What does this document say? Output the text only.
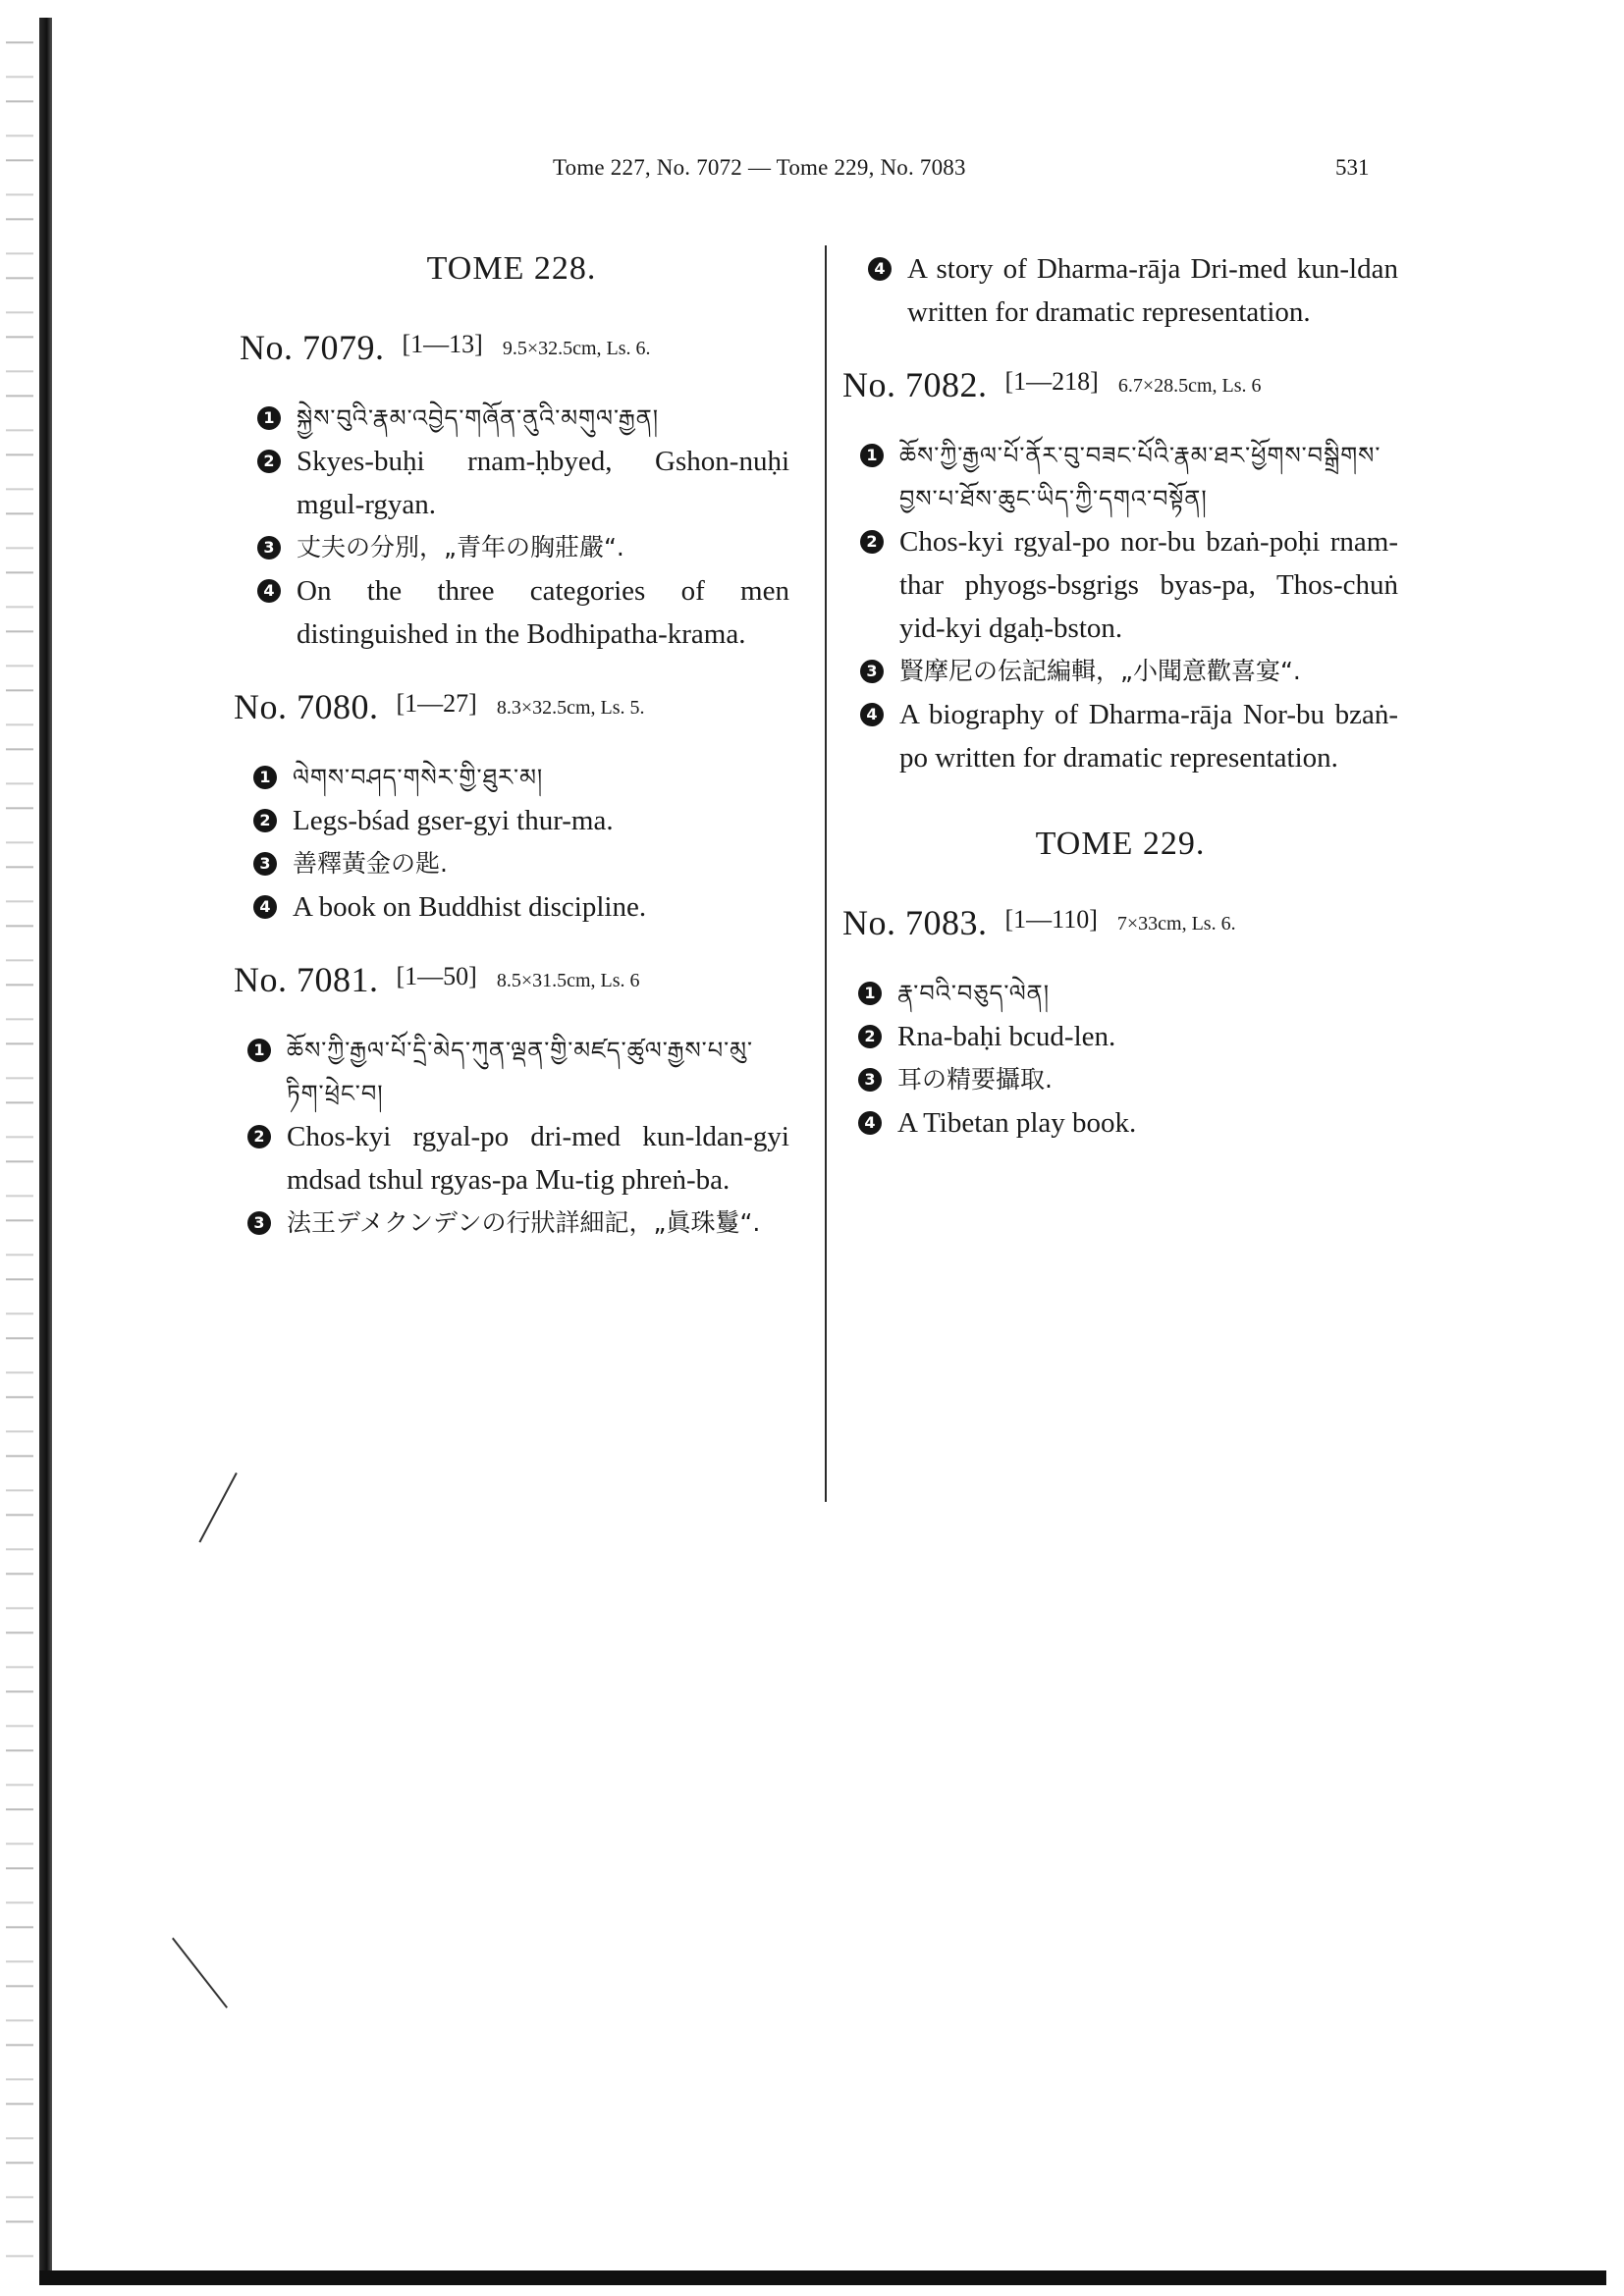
Tome 227, No. 7072 — Tome 229, No. 7083	531
TOME 228.
No. 7079. [1—13] 9.5×32.5cm, Ls. 6.
1 སྐྱེས་བུའི་རྣམ་འབྱེད་གཞོན་ནུའི་མགུལ་རྒྱན།
2 Skyes-buḥi rnam-ḥbyed, Gshon-nuḥi mgul-rgyan.
3 丈夫の分別，„青年の胸莊嚴“.
4 On the three categories of men distinguished in the Bodhipatha-krama.
No. 7080. [1—27] 8.3×32.5cm, Ls. 5.
1 ལེགས་བཤད་གསེར་གྱི་ཐུར་མ།
2 Legs-bśad gser-gyi thur-ma.
3 善釋黃金の匙.
4 A book on Buddhist discipline.
No. 7081. [1—50] 8.5×31.5cm, Ls. 6
1 ཆོས་ཀྱི་རྒྱལ་པོ་དྲི་མེད་ཀུན་ལྡན་གྱི་མཛད་ཚུལ་རྒྱས་པ་མུ་ཏིག་ཕྲེང་བ།
2 Chos-kyi rgyal-po dri-med kun-ldan-gyi mdsad tshul rgyas-pa Mu-tig phreṅ-ba.
3 法王デメクンデンの行狀詳細記，„眞珠鬘“.
4 A story of Dharma-rāja Dri-med kun-ldan written for dramatic representation.
No. 7082. [1—218] 6.7×28.5cm, Ls. 6
1 ཆོས་ཀྱི་རྒྱལ་པོ་ནོར་བུ་བཟང་པོའི་རྣམ་ཐར་ཕྱོགས་བསྒྲིགས་བྱས་པ་ཐོས་ཆུང་ཡིད་ཀྱི་དགའ་བསྟོན།
2 Chos-kyi rgyal-po nor-bu bzaṅ-poḥi rnam-thar phyogs-bsgrigs byas-pa, Thos-chuṅ yid-kyi dgaḥ-bston.
3 賢摩尼の伝記編輯，„小聞意歡喜宴“.
4 A biography of Dharma-rāja Nor-bu bzaṅ-po written for dramatic representation.
TOME 229.
No. 7083. [1—110] 7×33cm, Ls. 6.
1 རྣ་བའི་བཅུད་ལེན།
2 Rna-baḥi bcud-len.
3 耳の精要攝取.
4 A Tibetan play book.
